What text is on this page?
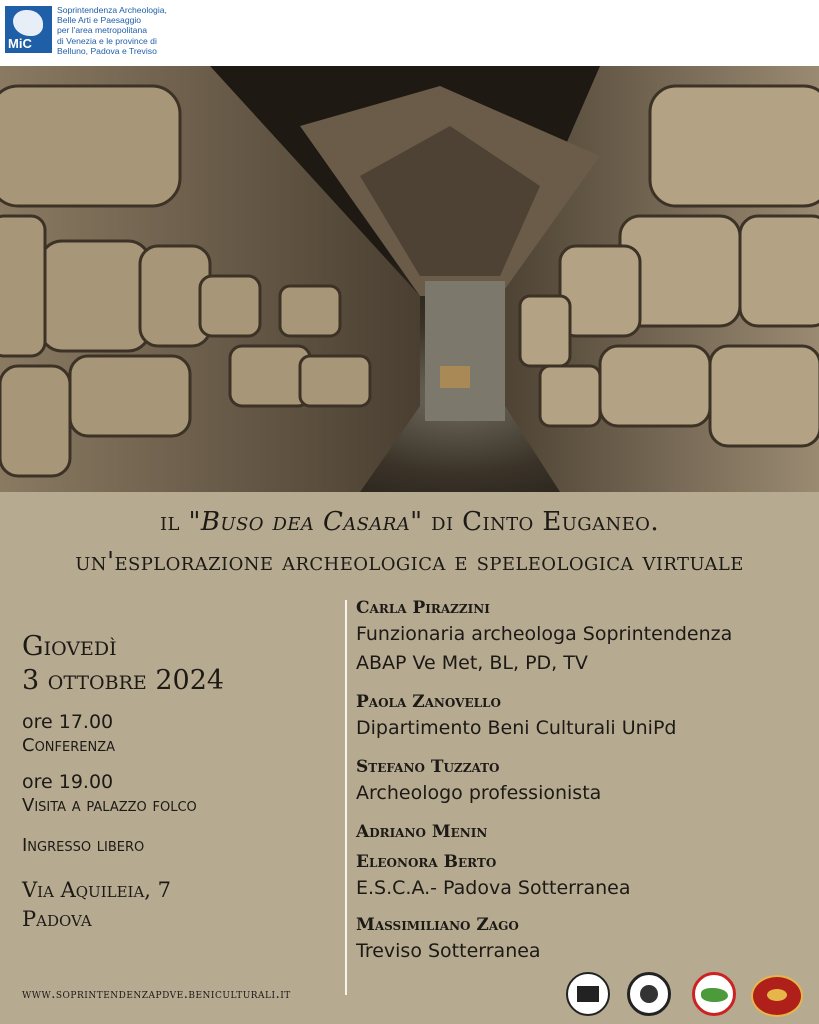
MiC
Soprintendenza Archeologia,
Belle Arti e Paesaggio
per l'area metropolitana
di Venezia e le province di
Belluno, Padova e Treviso
il "Buso dea Casara" di Cinto Euganeo.
un'esplorazione archeologica e speleologica virtuale
Giovedì
3 ottobre 2024
ore 17.00
Conferenza
ore 19.00
Visita a palazzo folco
Ingresso libero
Via Aquileia, 7
Padova
www.soprintendenzapdve.beniculturali.it
Carla Pirazzini
Funzionaria archeologa Soprintendenza
ABAP Ve Met, BL, PD, TV
Paola Zanovello
Dipartimento Beni Culturali UniPd
Stefano Tuzzato
Archeologo professionista
Adriano Menin
Eleonora Berto
E.S.C.A.- Padova Sotterranea
Massimiliano Zago
Treviso Sotterranea
